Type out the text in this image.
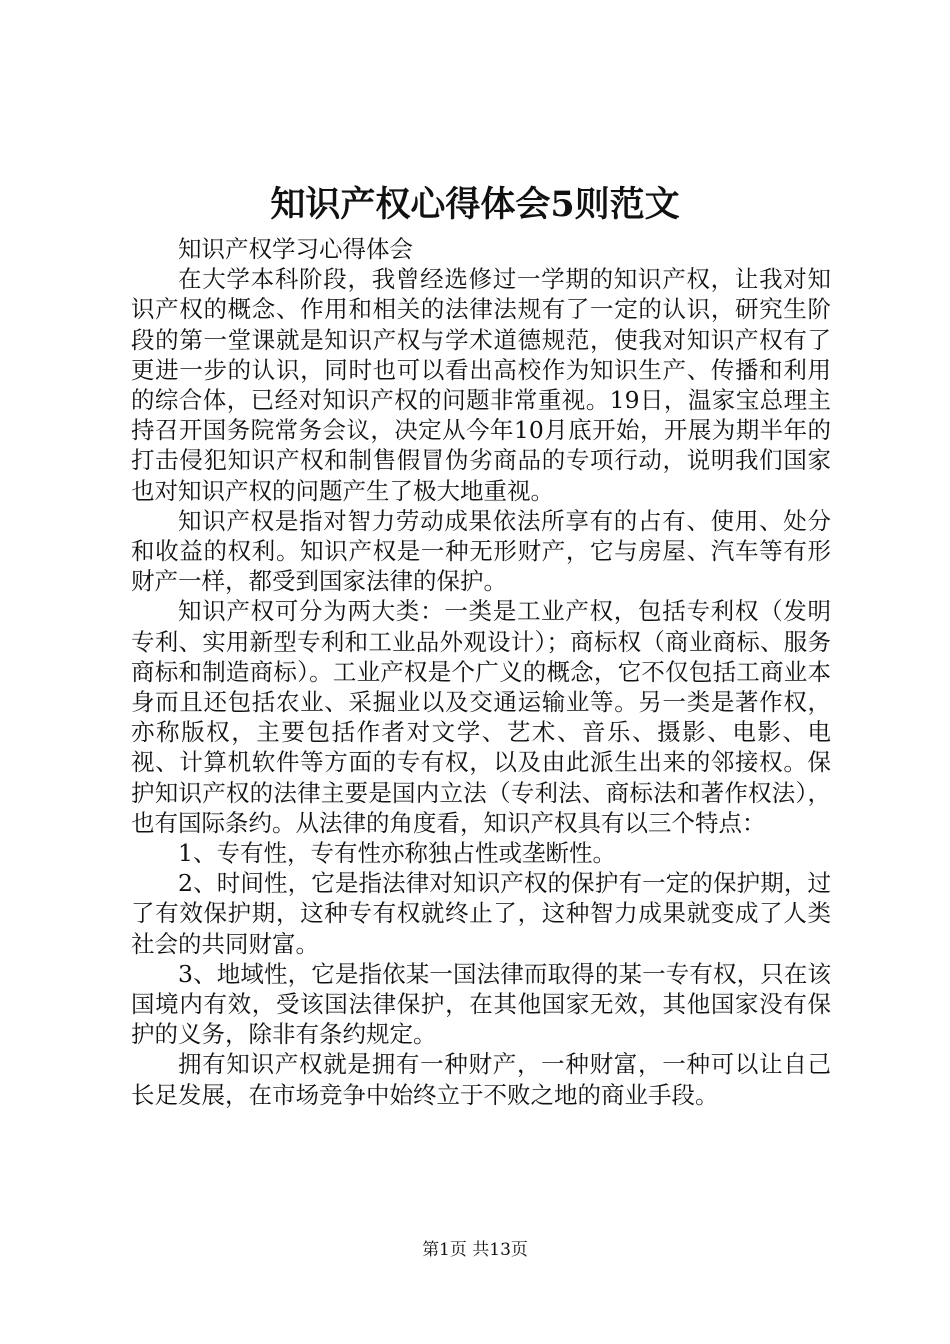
知识产权心得体会5则范文

知识产权学习心得体会

在大学本科阶段，我曾经选修过一学期的知识产权，让我对知识产权的概念、作用和相关的法律法规有了一定的认识，研究生阶段的第一堂课就是知识产权与学术道德规范，使我对知识产权有了更进一步的认识，同时也可以看出高校作为知识生产、传播和利用的综合体，已经对知识产权的问题非常重视。19日，温家宝总理主持召开国务院常务会议，决定从今年10月底开始，开展为期半年的打击侵犯知识产权和制售假冒伪劣商品的专项行动，说明我们国家也对知识产权的问题产生了极大地重视。

知识产权是指对智力劳动成果依法所享有的占有、使用、处分和收益的权利。知识产权是一种无形财产，它与房屋、汽车等有形财产一样，都受到国家法律的保护。

知识产权可分为两大类：一类是工业产权，包括专利权（发明专利、实用新型专利和工业品外观设计）；商标权（商业商标、服务商标和制造商标）。工业产权是个广义的概念，它不仅包括工商业本身而且还包括农业、采掘业以及交通运输业等。另一类是著作权，亦称版权，主要包括作者对文学、艺术、音乐、摄影、电影、电视、计算机软件等方面的专有权，以及由此派生出来的邻接权。保护知识产权的法律主要是国内立法（专利法、商标法和著作权法），也有国际条约。从法律的角度看，知识产权具有以三个特点：

1、专有性，专有性亦称独占性或垄断性。

2、时间性，它是指法律对知识产权的保护有一定的保护期，过了有效保护期，这种专有权就终止了，这种智力成果就变成了人类社会的共同财富。

3、地域性，它是指依某一国法律而取得的某一专有权，只在该国境内有效，受该国法律保护，在其他国家无效，其他国家没有保护的义务，除非有条约规定。

拥有知识产权就是拥有一种财产，一种财富，一种可以让自己长足发展，在市场竞争中始终立于不败之地的商业手段。

第1页 共13页
